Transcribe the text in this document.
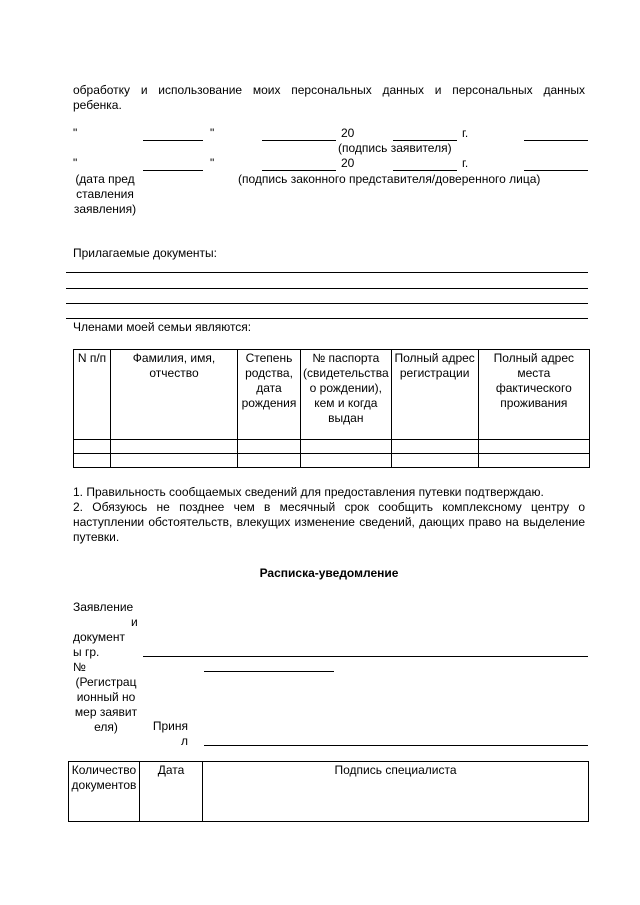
обработку и использование моих персональных данных и персональных данных
ребенка.
"	"	20	г.
(подпись заявителя)
"	"	20	г.
(дата представления заявления)
(подпись законного представителя/доверенного лица)
Прилагаемые документы:
Членами моей семьи являются:
N п/п	Фамилия, имя, отчество	Степень родства, дата рождения	№ паспорта (свидетельства о рождении), кем и когда выдан	Полный адрес регистрации	Полный адрес места фактического проживания

1. Правильность сообщаемых сведений для предоставления путевки подтверждаю.
2. Обязуюсь не позднее чем в месячный срок сообщить комплексному центру о наступлении обстоятельств, влекущих изменение сведений, дающих право на выделение путевки.
Расписка-уведомление
Заявление
и
документы гр.
№
(Регистрационный номер заявителя)	Принял
Количество документов	Дата	Подпись специалиста
